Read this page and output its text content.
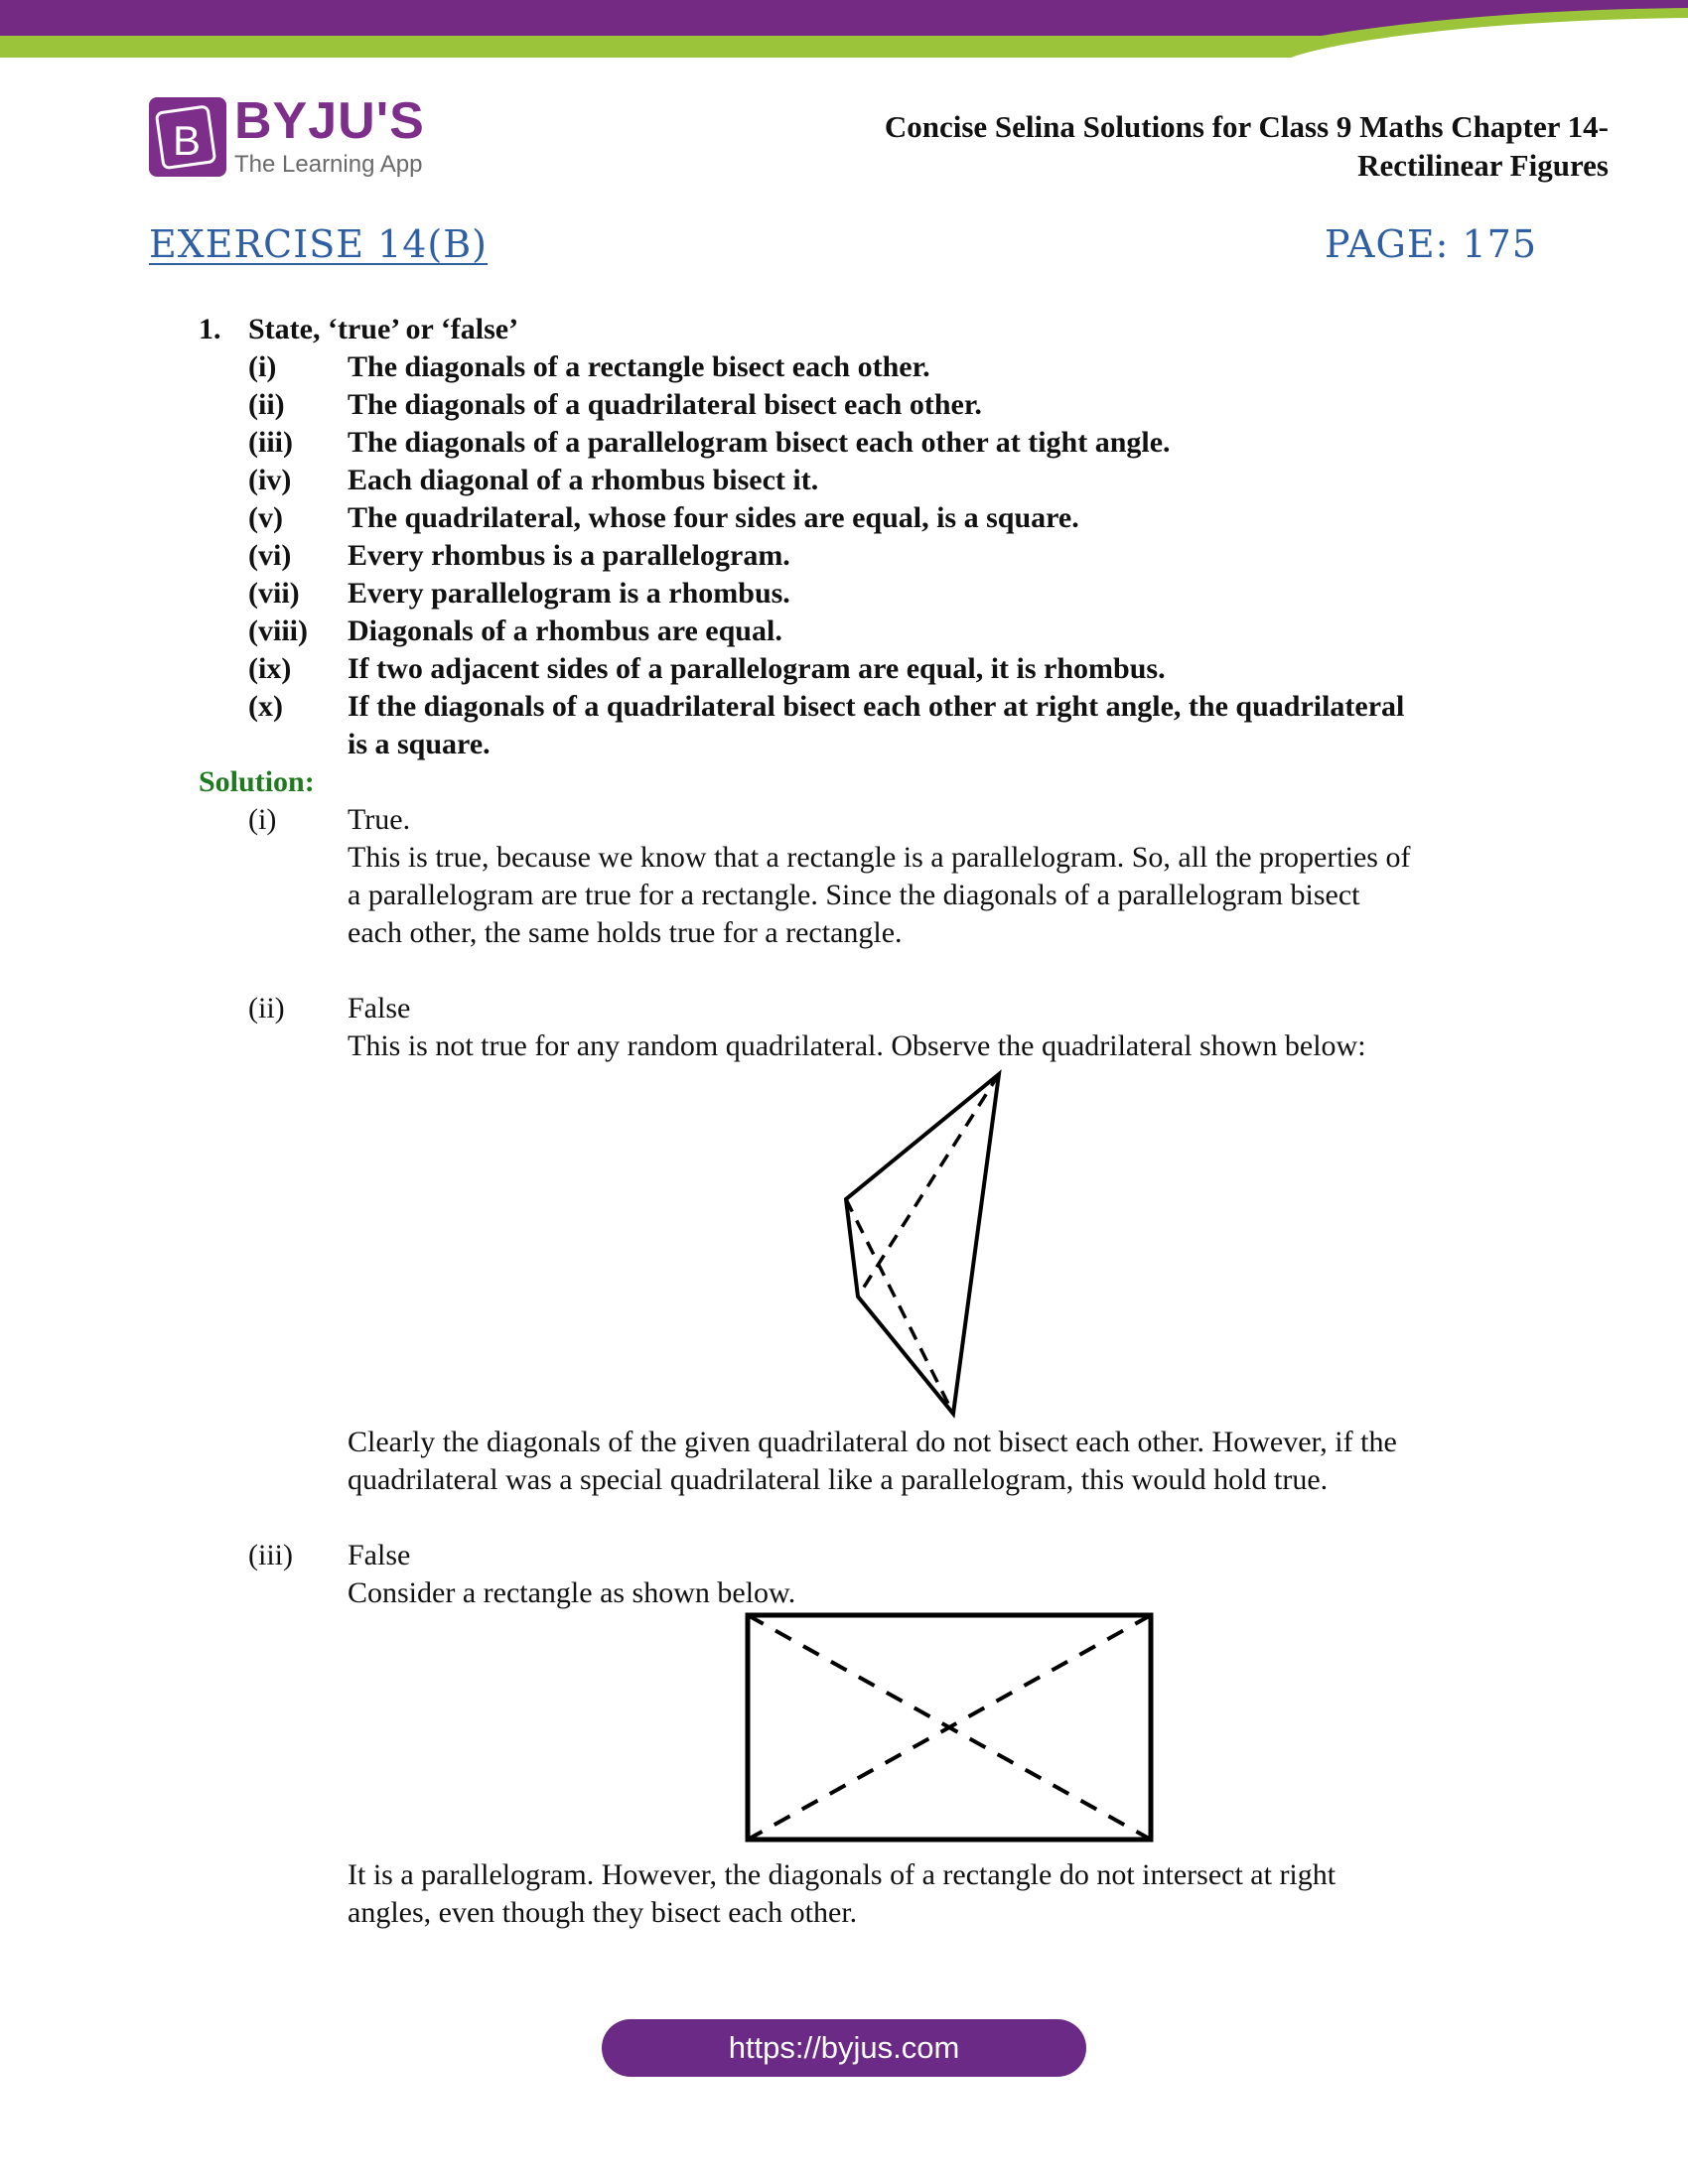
B BYJU'S
The Learning App
Concise Selina Solutions for Class 9 Maths Chapter 14-
Rectilinear Figures
EXERCISE 14(B)	PAGE: 175
1. State, ‘true’ or ‘false’
(i) The diagonals of a rectangle bisect each other.
(ii) The diagonals of a quadrilateral bisect each other.
(iii) The diagonals of a parallelogram bisect each other at tight angle.
(iv) Each diagonal of a rhombus bisect it.
(v) The quadrilateral, whose four sides are equal, is a square.
(vi) Every rhombus is a parallelogram.
(vii) Every parallelogram is a rhombus.
(viii) Diagonals of a rhombus are equal.
(ix) If two adjacent sides of a parallelogram are equal, it is rhombus.
(x) If the diagonals of a quadrilateral bisect each other at right angle, the quadrilateral
is a square.
Solution:
(i) True.
This is true, because we know that a rectangle is a parallelogram. So, all the properties of
a parallelogram are true for a rectangle. Since the diagonals of a parallelogram bisect
each other, the same holds true for a rectangle.
(ii) False
This is not true for any random quadrilateral. Observe the quadrilateral shown below:
Clearly the diagonals of the given quadrilateral do not bisect each other. However, if the
quadrilateral was a special quadrilateral like a parallelogram, this would hold true.
(iii) False
Consider a rectangle as shown below.
It is a parallelogram. However, the diagonals of a rectangle do not intersect at right
angles, even though they bisect each other.
https://byjus.com
